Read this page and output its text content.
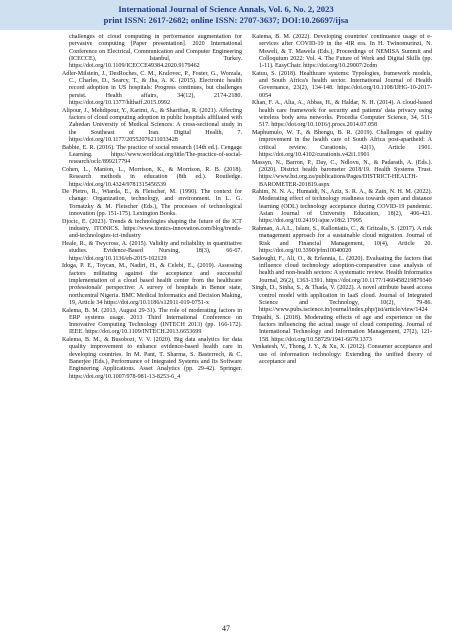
International Journal of Science Annals, Vol. 6, No. 2, 2023
print ISSN: 2617-2682; online ISSN: 2707-3637; DOI:10.26697/ijsa

challenges of cloud computing in performance augmentation for pervasive computing [Paper presentation]. 2020 International Conference on Electrical, Communication and Computer Engineering (ICECCE), Istanbul, Turkey. https://doi.org/10.1109/ICECCE49384.2020.9179462

Adler-Milstein, J., DesRoches, C. M., Kralovec, P., Foster, G., Worzala, C., Charles, D., Searcy, T., & Jha, A. K. (2015). Electronic health record adoption in US hospitals: Progress continues, but challenges persist. Health affairs, 34(12), 2174-2180. https://doi.org/10.1377/hlthaff.2015.0992

Alipour, J., Mehdipour, Y., Karimi, A., & Sharifian, R. (2021). Affecting factors of cloud computing adoption in public hospitals affiliated with Zahedan University of Medical Sciences: A cross-sectional study in the Southeast of Iran. Digital Health, 7. https://doi.org/10.1177/20552076211033428

Babbie, E. R. (2016). The practice of social research (14th ed.). Cengage Learning. https://www.worldcat.org/title/The-practice-of-social-research/oclc/899217794

Cohen, L., Manion, L., Morrison, K., & Morrison, R. B. (2018). Research methods in education (8th ed.). Routledge. https://doi.org/10.4324/9781315456539

De Pietro, R., Wiarda, E., & Fleischer, M. (1990). The context for change: Organization, technology, and environment. In L. G. Tornatzky & M. Fleischer (Eds.), The processes of technological innovation (pp. 151-175). Lexington Books.

Djocic, E. (2023). Trends & technologies shaping the future of the ICT industry. ITONICS. https://www.itonics-innovation.com/blog/trends-and-technologies-ict-industry

Heale, R., & Twycross, A. (2015). Validity and reliability in quantitative studies. Evidence-Based Nursing, 18(3), 66-67. https://doi.org/10.1136/eb-2015-102129

Idoga, P. E., Toycan, M., Nadiri, H., & Celebi, E., (2019). Assessing factors militating against the acceptance and successful implementation of a cloud based health center from the healthcare professionals' perspective: A survey of hospitals in Benue state, northcentral Nigeria. BMC Medical Informatics and Decision Making, 19, Article 34 https://doi.org/10.1186/s12911-019-0751-x

Kalema, B. M. (2013, August 29-31). The role of moderating factors in ERP systems usage. 2013 Third International Conference on Innovative Computing Technology (INTECH 2013) (pp. 166-172). IEEE. https://doi.org/10.1109/INTECH.2013.6653699

Kalema, B. M., & Busobozi, V. V. (2020). Big data analytics for data quality improvement to enhance evidence-based health care in developing countries. In M. Pant, T. Sharma, S. Basterrech, & C. Banerjee (Eds.), Performance of Integrated Systems and Its Software Engineering Applications. Asset Analytics (pp. 29-42). Springer. https://doi.org/10.1007/978-981-13-8253-6_4

Kalema, B. M. (2022). Developing countries' continuance usage of e-services after COVID-19 in the 4IR era. In H. Twinomurinzi, N. Msweli, & T. Mawela (Eds.), Proceedings of NEMISA Summit and Colloquium 2022: Vol. 4. The Future of Work and Digital Skills (pp. 1-11). EasyChair. https://doi.org/10.29007/2cdm

Katuu, S. (2018). Healthcare systems: Typologies, framework models, and South Africa's health sector. International Journal of Health Governance, 23(2), 134-148. https://doi.org/10.1108/IJHG-10-2017-0054

Khan, F. A., Alia, A., Abbas, H., & Haldar, N. H. (2014). A cloud-based health care framework for security and patients' data privacy using wireless body area networks. Procedia Computer Science, 34, 511-517. https://doi.org/10.1016/j.procs.2014.07.058

Maphumulo, W. T., & Bhengu, B. R. (2019). Challenges of quality improvement in the health care of South Africa post-apartheid: A critical review. Curationis, 42(1), Article 1901. https://doi.org/10.4102/curationis.v42i1.1901

Massyn, N., Barron, P., Day, C., Ndlovu, N., & Padarath, A. (Eds.). (2020). District health barometer 2018/19. Health Systems Trust. https://www.hst.org.za/publications/Pages/DISTRICT-HEALTH-BAROMETER-201819.aspx

Rahim, N. N. A., Humaidi, N., Aziz, S. R. A., & Zain, N. H. M. (2022). Moderating effect of technology readiness towards open and distance learning (ODL) technology acceptance during COVID-19 pandemic. Asian Journal of University Education, 18(2), 406-421. https://doi.org/10.24191/ajue.v18i2.17995

Rahman, A.A.L., Islam, S., Kalloniatis, C., & Gritzalis, S. (2017). A risk management approach for a sustainable cloud migration. Journal of Risk and Financial Management, 10(4), Article 20. https://doi.org/10.3390/jrfm10040020

Sadoughi, F., Ali, O., & Erfannia, L. (2020). Evaluating the factors that influence cloud technology adoption-comparative case analysis of health and non-health sectors: A systematic review. Health Informatics Journal, 26(2), 1363-1391. https://doi.org/10.1177/1460458219879340

Singh, D., Sinha, S., & Thada, V. (2022). A novel attribute based access control model with application in IaaS cloud. Journal of Integrated Science and Technology, 10(2), 79-86. https://www.pubs.iscience.in/journal/index.php/jist/article/view/1424

Tripathi, S. (2018). Moderating effects of age and experience on the factors influencing the actual usage of cloud computing. Journal of International Technology and Information Management, 27(2), 121-158. https://doi.org/10.58729/1941-6679.1373

Venkatesh, V., Thong, J. Y., & Xu, X. (2012). Consumer acceptance and use of information technology: Extending the unified theory of acceptance and

47
